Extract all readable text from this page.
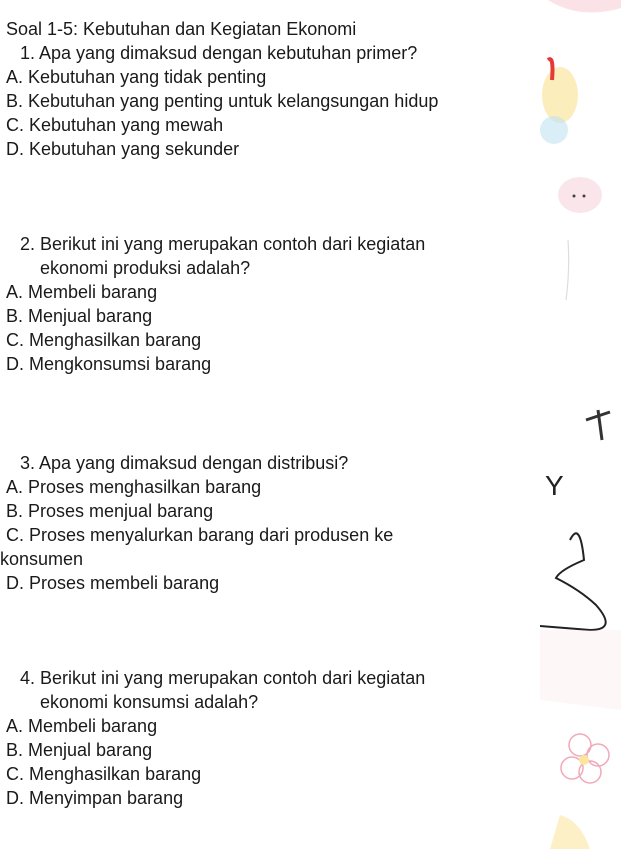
Soal 1-5: Kebutuhan dan Kegiatan Ekonomi
1. Apa yang dimaksud dengan kebutuhan primer?
A. Kebutuhan yang tidak penting
B. Kebutuhan yang penting untuk kelangsungan hidup
C. Kebutuhan yang mewah
D. Kebutuhan yang sekunder
2. Berikut ini yang merupakan contoh dari kegiatan
ekonomi produksi adalah?
A. Membeli barang
B. Menjual barang
C. Menghasilkan barang
D. Mengkonsumsi barang
3. Apa yang dimaksud dengan distribusi?
A. Proses menghasilkan barang
B. Proses menjual barang
C. Proses menyalurkan barang dari produsen ke
konsumen
D. Proses membeli barang
4. Berikut ini yang merupakan contoh dari kegiatan
ekonomi konsumsi adalah?
A. Membeli barang
B. Menjual barang
C. Menghasilkan barang
D. Menyimpan barang
Y
